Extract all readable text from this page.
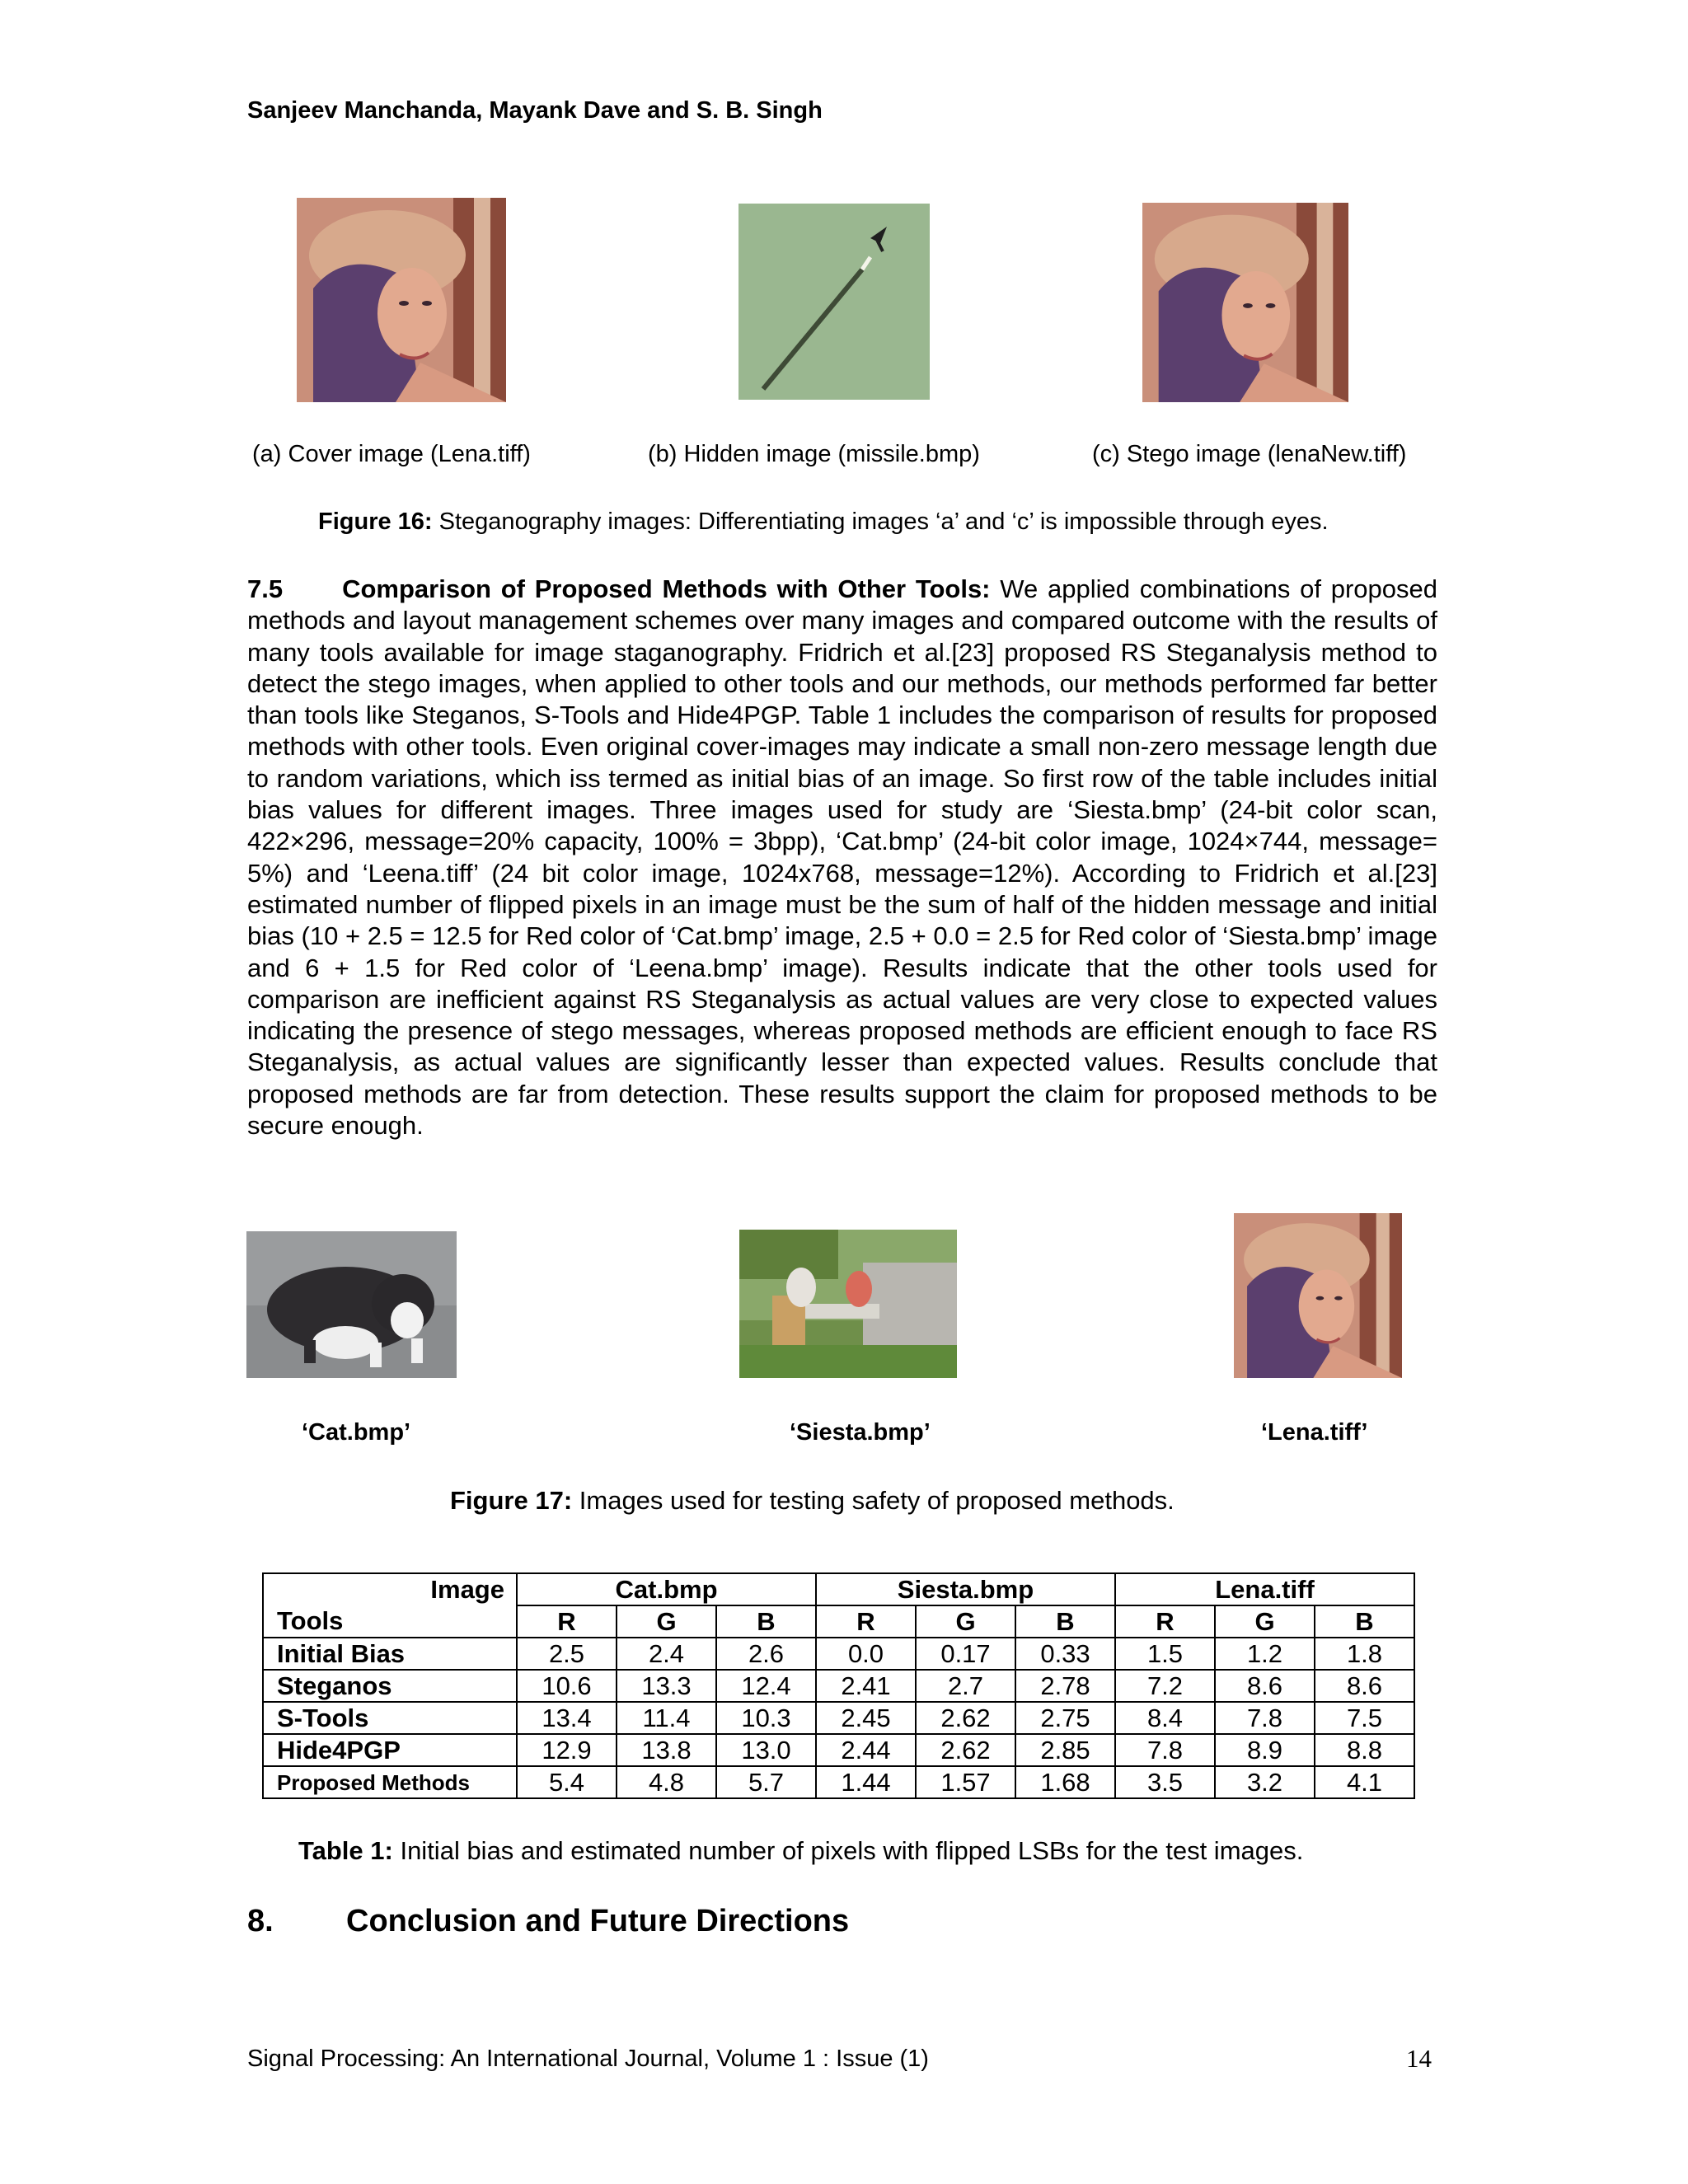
Sanjeev Manchanda, Mayank Dave and S. B. Singh
(a) Cover image (Lena.tiff)	(b) Hidden image (missile.bmp)	(c) Stego image (lenaNew.tiff)
Figure 16: Steganography images: Differentiating images ‘a’ and ‘c’ is impossible through eyes.
7.5 Comparison of Proposed Methods with Other Tools: We applied combinations of proposed methods and layout management schemes over many images and compared outcome with the results of many tools available for image staganography. Fridrich et al.[23] proposed RS Steganalysis method to detect the stego images, when applied to other tools and our methods, our methods performed far better than tools like Steganos, S-Tools and Hide4PGP. Table 1 includes the comparison of results for proposed methods with other tools. Even original cover-images may indicate a small non-zero message length due to random variations, which iss termed as initial bias of an image. So first row of the table includes initial bias values for different images. Three images used for study are ‘Siesta.bmp’ (24-bit color scan, 422×296, message=20% capacity, 100% = 3bpp), ‘Cat.bmp’ (24-bit color image, 1024×744, message= 5%) and ‘Leena.tiff’ (24 bit color image, 1024x768, message=12%). According to Fridrich et al.[23] estimated number of flipped pixels in an image must be the sum of half of the hidden message and initial bias (10 + 2.5 = 12.5 for Red color of ‘Cat.bmp’ image, 2.5 + 0.0 = 2.5 for Red color of ‘Siesta.bmp’ image and 6 + 1.5 for Red color of ‘Leena.bmp’ image). Results indicate that the other tools used for comparison are inefficient against RS Steganalysis as actual values are very close to expected values indicating the presence of stego messages, whereas proposed methods are efficient enough to face RS Steganalysis, as actual values are significantly lesser than expected values. Results conclude that proposed methods are far from detection. These results support the claim for proposed methods to be secure enough.
‘Cat.bmp’	‘Siesta.bmp’	‘Lena.tiff’
Figure 17: Images used for testing safety of proposed methods.
Image	Cat.bmp			Siesta.bmp			Lena.tiff		
Tools	R	G	B	R	G	B	R	G	B
Initial Bias	2.5	2.4	2.6	0.0	0.17	0.33	1.5	1.2	1.8
Steganos	10.6	13.3	12.4	2.41	2.7	2.78	7.2	8.6	8.6
S-Tools	13.4	11.4	10.3	2.45	2.62	2.75	8.4	7.8	7.5
Hide4PGP	12.9	13.8	13.0	2.44	2.62	2.85	7.8	8.9	8.8
Proposed Methods	5.4	4.8	5.7	1.44	1.57	1.68	3.5	3.2	4.1
Table 1: Initial bias and estimated number of pixels with flipped LSBs for the test images.
8. Conclusion and Future Directions
Signal Processing: An International Journal, Volume 1 : Issue (1)	14
